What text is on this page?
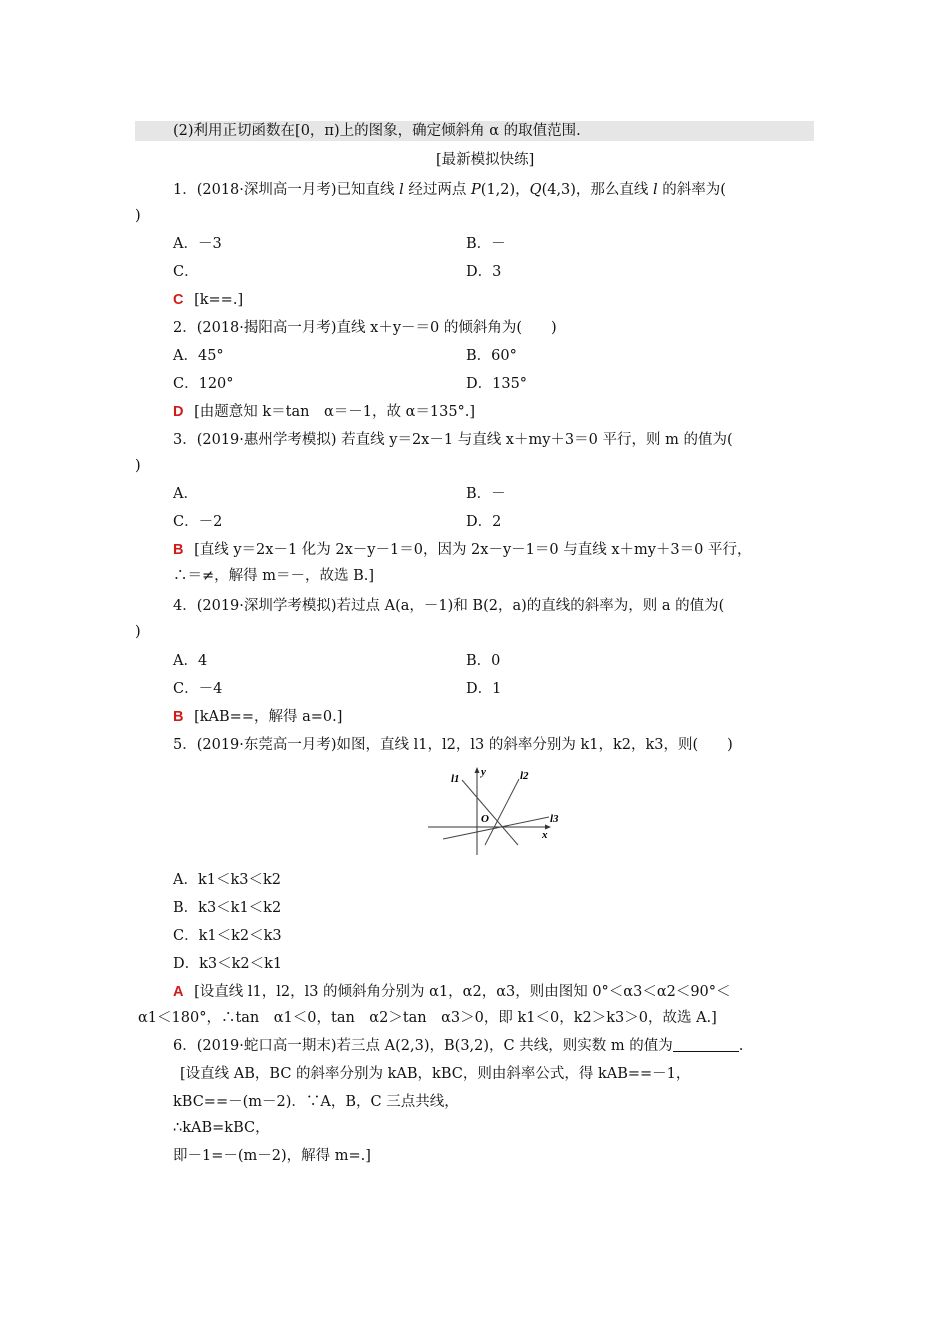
(2)利用正切函数在[0，π)上的图象，确定倾斜角 α 的取值范围.
[最新模拟快练]
1．(2018·深圳高一月考)已知直线 l 经过两点 P(1,2)，Q(4,3)，那么直线 l 的斜率为(
)
A．－3	B．－
C．	D．3
C [k==.]
2．(2018·揭阳高一月考)直线 x＋y－＝0 的倾斜角为(　　)
A．45°	B．60°
C．120°	D．135°
D [由题意知 k＝tan　α＝－1，故 α＝135°.]
3．(2019·惠州学考模拟) 若直线 y＝2x－1 与直线 x＋my＋3＝0 平行，则 m 的值为(
)
A．	B．－
C．－2	D．2
B [直线 y＝2x－1 化为 2x－y－1＝0，因为 2x－y－1＝0 与直线 x＋my＋3＝0 平行，
∴＝≠，解得 m＝－，故选 B.]
4．(2019·深圳学考模拟)若过点 A(a，－1)和 B(2，a)的直线的斜率为，则 a 的值为(
)
A．4	B．0
C．－4	D．1
B [kAB==，解得 a=0.]
5．(2019·东莞高一月考)如图，直线 l1，l2，l3 的斜率分别为 k1，k2，k3，则(　　)
l1
y	l2
l3
O
x
A．k1＜k3＜k2
B．k3＜k1＜k2
C．k1＜k2＜k3
D．k3＜k2＜k1
A [设直线 l1，l2，l3 的倾斜角分别为 α1，α2，α3，则由图知 0°＜α3＜α2＜90°＜
α1＜180°，∴tan　α1＜0，tan　α2＞tan　α3＞0，即 k1＜0，k2＞k3＞0，故选 A.]
6．(2019·蛇口高一期末)若三点 A(2,3)，B(3,2)，C 共线，则实数 m 的值为	.
[设直线 AB，BC 的斜率分别为 kAB，kBC，则由斜率公式，得 kAB==－1，
kBC==－(m－2)．∵A，B，C 三点共线，
∴kAB=kBC，
即－1=－(m－2)，解得 m=.]
